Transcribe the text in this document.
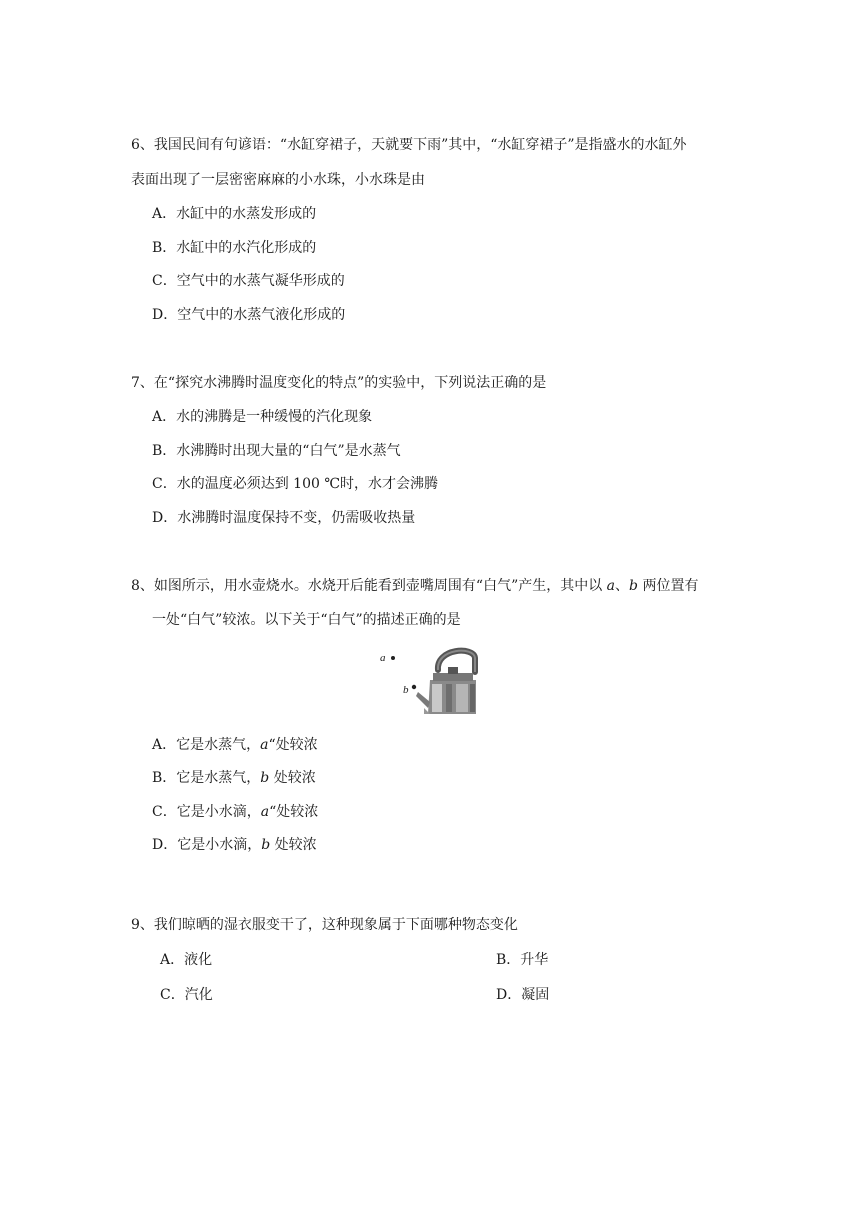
6、我国民间有句谚语：“水缸穿裙子，天就要下雨”其中，“水缸穿裙子”是指盛水的水缸外
表面出现了一层密密麻麻的小水珠，小水珠是由
A．水缸中的水蒸发形成的
B．水缸中的水汽化形成的
C．空气中的水蒸气凝华形成的
D．空气中的水蒸气液化形成的
7、在“探究水沸腾时温度变化的特点”的实验中，下列说法正确的是
A．水的沸腾是一种缓慢的汽化现象
B．水沸腾时出现大量的“白气”是水蒸气
C．水的温度必须达到 100 ℃时，水才会沸腾
D．水沸腾时温度保持不变，仍需吸收热量
8、如图所示，用水壶烧水。水烧开后能看到壶嘴周围有“白气”产生，其中以 a、b 两位置有
一处“白气”较浓。以下关于“白气”的描述正确的是
a
b
A．它是水蒸气，a“处较浓
B．它是水蒸气，b 处较浓
C．它是小水滴，a“处较浓
D．它是小水滴，b 处较浓
9、我们晾晒的湿衣服变干了，这种现象属于下面哪种物态变化
A．液化	B．升华
C．汽化	D．凝固
